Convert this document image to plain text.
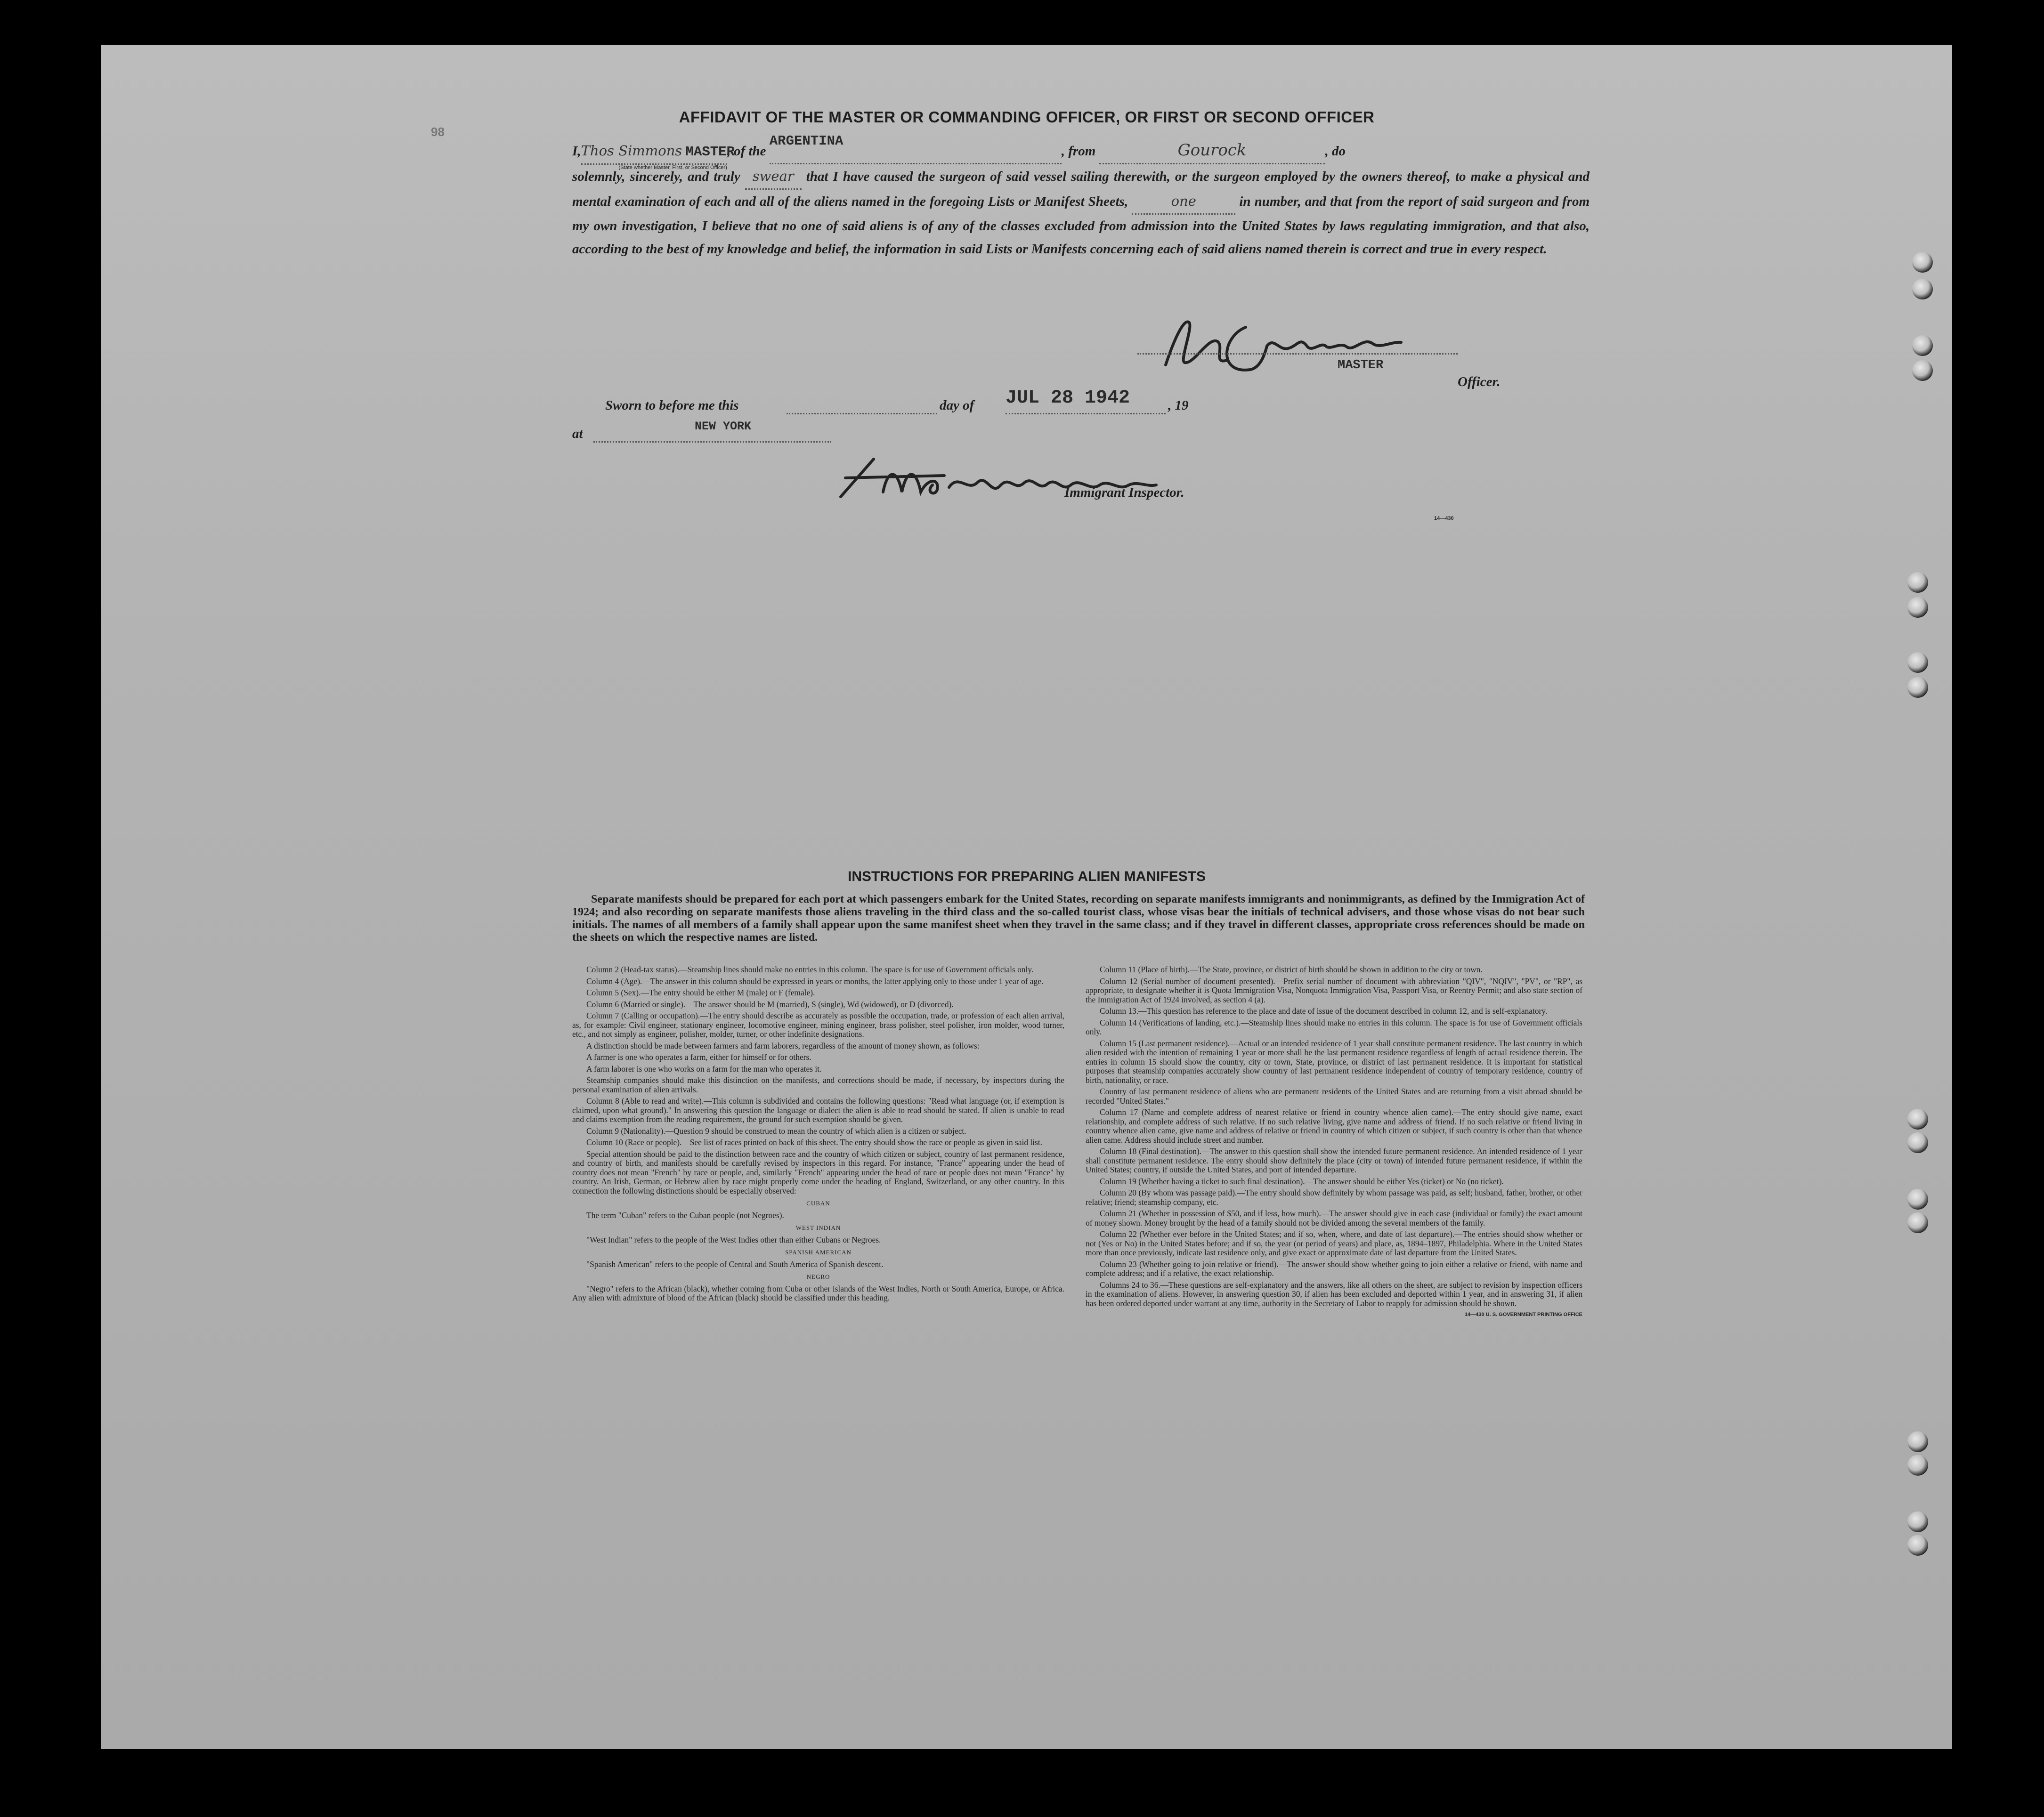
98
AFFIDAVIT OF THE MASTER OR COMMANDING OFFICER, OR FIRST OR SECOND OFFICER
I,Thos Simmons MASTER
(State whether Master, First, or Second Officer)
, of the
ARGENTINA
, from	Gourock	, do
solemnly, sincerely, and truly swear that I have caused the surgeon of said vessel sailing therewith, or the surgeon employed by the owners thereof, to make a physical and mental examination of each and all of the aliens named in the foregoing Lists or Manifest Sheets,	one	in number, and that from the report of said surgeon and from my own investigation, I believe that no one of said aliens is of any of the classes excluded from admission into the United States by laws regulating immigration, and that also, according to the best of my knowledge and belief, the information in said Lists or Manifests concerning each of said aliens named therein is correct and true in every respect.
MASTER
Officer.
Sworn to before me this	day of JUL 28 1942	, 19
at	NEW YORK
Immigrant Inspector.
14—430
INSTRUCTIONS FOR PREPARING ALIEN MANIFESTS
Separate manifests should be prepared for each port at which passengers embark for the United States, recording on separate manifests immigrants and nonimmigrants, as defined by the Immigration Act of 1924; and also recording on separate manifests those aliens traveling in the third class and the so-called tourist class, whose visas bear the initials of technical advisers, and those whose visas do not bear such initials. The names of all members of a family shall appear upon the same manifest sheet when they travel in the same class; and if they travel in different classes, appropriate cross references should be made on the sheets on which the respective names are listed.

Column 2 (Head-tax status).—Steamship lines should make no entries in this column. The space is for use of Government officials only.

Column 4 (Age).—The answer in this column should be expressed in years or months, the latter applying only to those under 1 year of age.

Column 5 (Sex).—The entry should be either M (male) or F (female).

Column 6 (Married or single).—The answer should be M (married), S (single), Wd (widowed), or D (divorced).

Column 7 (Calling or occupation).—The entry should describe as accurately as possible the occupation, trade, or profession of each alien arrival, as, for example: Civil engineer, stationary engineer, locomotive engineer, mining engineer, brass polisher, steel polisher, iron molder, wood turner, etc., and not simply as engineer, polisher, molder, turner, or other indefinite designations.

A distinction should be made between farmers and farm laborers, regardless of the amount of money shown, as follows:

A farmer is one who operates a farm, either for himself or for others.

A farm laborer is one who works on a farm for the man who operates it.

Steamship companies should make this distinction on the manifests, and corrections should be made, if necessary, by inspectors during the personal examination of alien arrivals.

Column 8 (Able to read and write).—This column is subdivided and contains the following questions: "Read what language (or, if exemption is claimed, upon what ground)." In answering this question the language or dialect the alien is able to read should be stated. If alien is unable to read and claims exemption from the reading requirement, the ground for such exemption should be given.

Column 9 (Nationality).—Question 9 should be construed to mean the country of which alien is a citizen or subject.

Column 10 (Race or people).—See list of races printed on back of this sheet. The entry should show the race or people as given in said list.

Special attention should be paid to the distinction between race and the country of which citizen or subject, country of last permanent residence, and country of birth, and manifests should be carefully revised by inspectors in this regard. For instance, "France" appearing under the head of country does not mean "French" by race or people, and, similarly "French" appearing under the head of race or people does not mean "France" by country. An Irish, German, or Hebrew alien by race might properly come under the heading of England, Switzerland, or any other country. In this connection the following distinctions should be especially observed:

CUBAN

The term "Cuban" refers to the Cuban people (not Negroes).

WEST INDIAN

"West Indian" refers to the people of the West Indies other than either Cubans or Negroes.

SPANISH AMERICAN

"Spanish American" refers to the people of Central and South America of Spanish descent.

NEGRO

"Negro" refers to the African (black), whether coming from Cuba or other islands of the West Indies, North or South America, Europe, or Africa. Any alien with admixture of blood of the African (black) should be classified under this heading.

Column 11 (Place of birth).—The State, province, or district of birth should be shown in addition to the city or town.

Column 12 (Serial number of document presented).—Prefix serial number of document with abbreviation "QIV", "NQIV", "PV", or "RP", as appropriate, to designate whether it is Quota Immigration Visa, Nonquota Immigration Visa, Passport Visa, or Reentry Permit; and also state section of the Immigration Act of 1924 involved, as section 4 (a).

Column 13.—This question has reference to the place and date of issue of the document described in column 12, and is self-explanatory.

Column 14 (Verifications of landing, etc.).—Steamship lines should make no entries in this column. The space is for use of Government officials only.

Column 15 (Last permanent residence).—Actual or an intended residence of 1 year shall constitute permanent residence. The last country in which alien resided with the intention of remaining 1 year or more shall be the last permanent residence regardless of length of actual residence therein. The entries in column 15 should show the country, city or town, State, province, or district of last permanent residence. It is important for statistical purposes that steamship companies accurately show country of last permanent residence independent of country of temporary residence, country of birth, nationality, or race.

Country of last permanent residence of aliens who are permanent residents of the United States and are returning from a visit abroad should be recorded "United States."

Column 17 (Name and complete address of nearest relative or friend in country whence alien came).—The entry should give name, exact relationship, and complete address of such relative. If no such relative living, give name and address of friend. If no such relative or friend living in country whence alien came, give name and address of relative or friend in country of which citizen or subject, if such country is other than that whence alien came. Address should include street and number.

Column 18 (Final destination).—The answer to this question shall show the intended future permanent residence. An intended residence of 1 year shall constitute permanent residence. The entry should show definitely the place (city or town) of intended future permanent residence, if within the United States; country, if outside the United States, and port of intended departure.

Column 19 (Whether having a ticket to such final destination).—The answer should be either Yes (ticket) or No (no ticket).

Column 20 (By whom was passage paid).—The entry should show definitely by whom passage was paid, as self; husband, father, brother, or other relative; friend; steamship company, etc.

Column 21 (Whether in possession of $50, and if less, how much).—The answer should give in each case (individual or family) the exact amount of money shown. Money brought by the head of a family should not be divided among the several members of the family.

Column 22 (Whether ever before in the United States; and if so, when, where, and date of last departure).—The entries should show whether or not (Yes or No) in the United States before; and if so, the year (or period of years) and place, as, 1894–1897, Philadelphia. Where in the United States more than once previously, indicate last residence only, and give exact or approximate date of last departure from the United States.

Column 23 (Whether going to join relative or friend).—The answer should show whether going to join either a relative or friend, with name and complete address; and if a relative, the exact relationship.

Columns 24 to 36.—These questions are self-explanatory and the answers, like all others on the sheet, are subject to revision by inspection officers in the examination of aliens. However, in answering question 30, if alien has been excluded and deported within 1 year, and in answering 31, if alien has been ordered deported under warrant at any time, authority in the Secretary of Labor to reapply for admission should be shown.

14—430 U. S. GOVERNMENT PRINTING OFFICE
